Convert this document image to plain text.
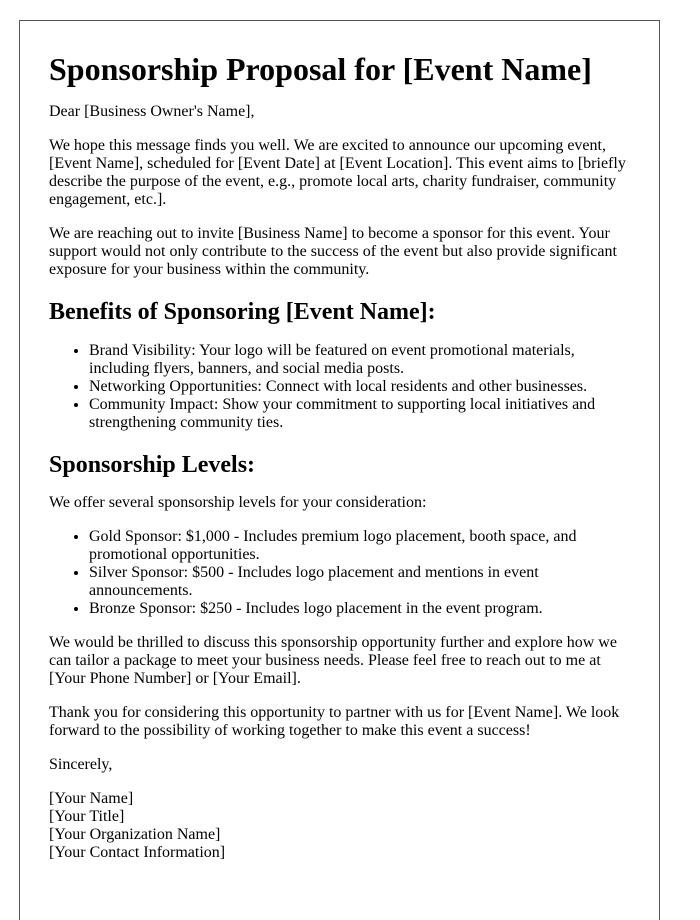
Sponsorship Proposal for [Event Name]

Dear [Business Owner's Name],

We hope this message finds you well. We are excited to announce our upcoming event, [Event Name], scheduled for [Event Date] at [Event Location]. This event aims to [briefly describe the purpose of the event, e.g., promote local arts, charity fundraiser, community engagement, etc.].

We are reaching out to invite [Business Name] to become a sponsor for this event. Your support would not only contribute to the success of the event but also provide significant exposure for your business within the community.

Benefits of Sponsoring [Event Name]:
• Brand Visibility: Your logo will be featured on event promotional materials, including flyers, banners, and social media posts.
• Networking Opportunities: Connect with local residents and other businesses.
• Community Impact: Show your commitment to supporting local initiatives and strengthening community ties.
Sponsorship Levels:

We offer several sponsorship levels for your consideration:

• Gold Sponsor: $1,000 - Includes premium logo placement, booth space, and promotional opportunities.
• Silver Sponsor: $500 - Includes logo placement and mentions in event announcements.
• Bronze Sponsor: $250 - Includes logo placement in the event program.

We would be thrilled to discuss this sponsorship opportunity further and explore how we can tailor a package to meet your business needs. Please feel free to reach out to me at [Your Phone Number] or [Your Email].

Thank you for considering this opportunity to partner with us for [Event Name]. We look forward to the possibility of working together to make this event a success!

Sincerely,

[Your Name]
[Your Title]
[Your Organization Name]
[Your Contact Information]
